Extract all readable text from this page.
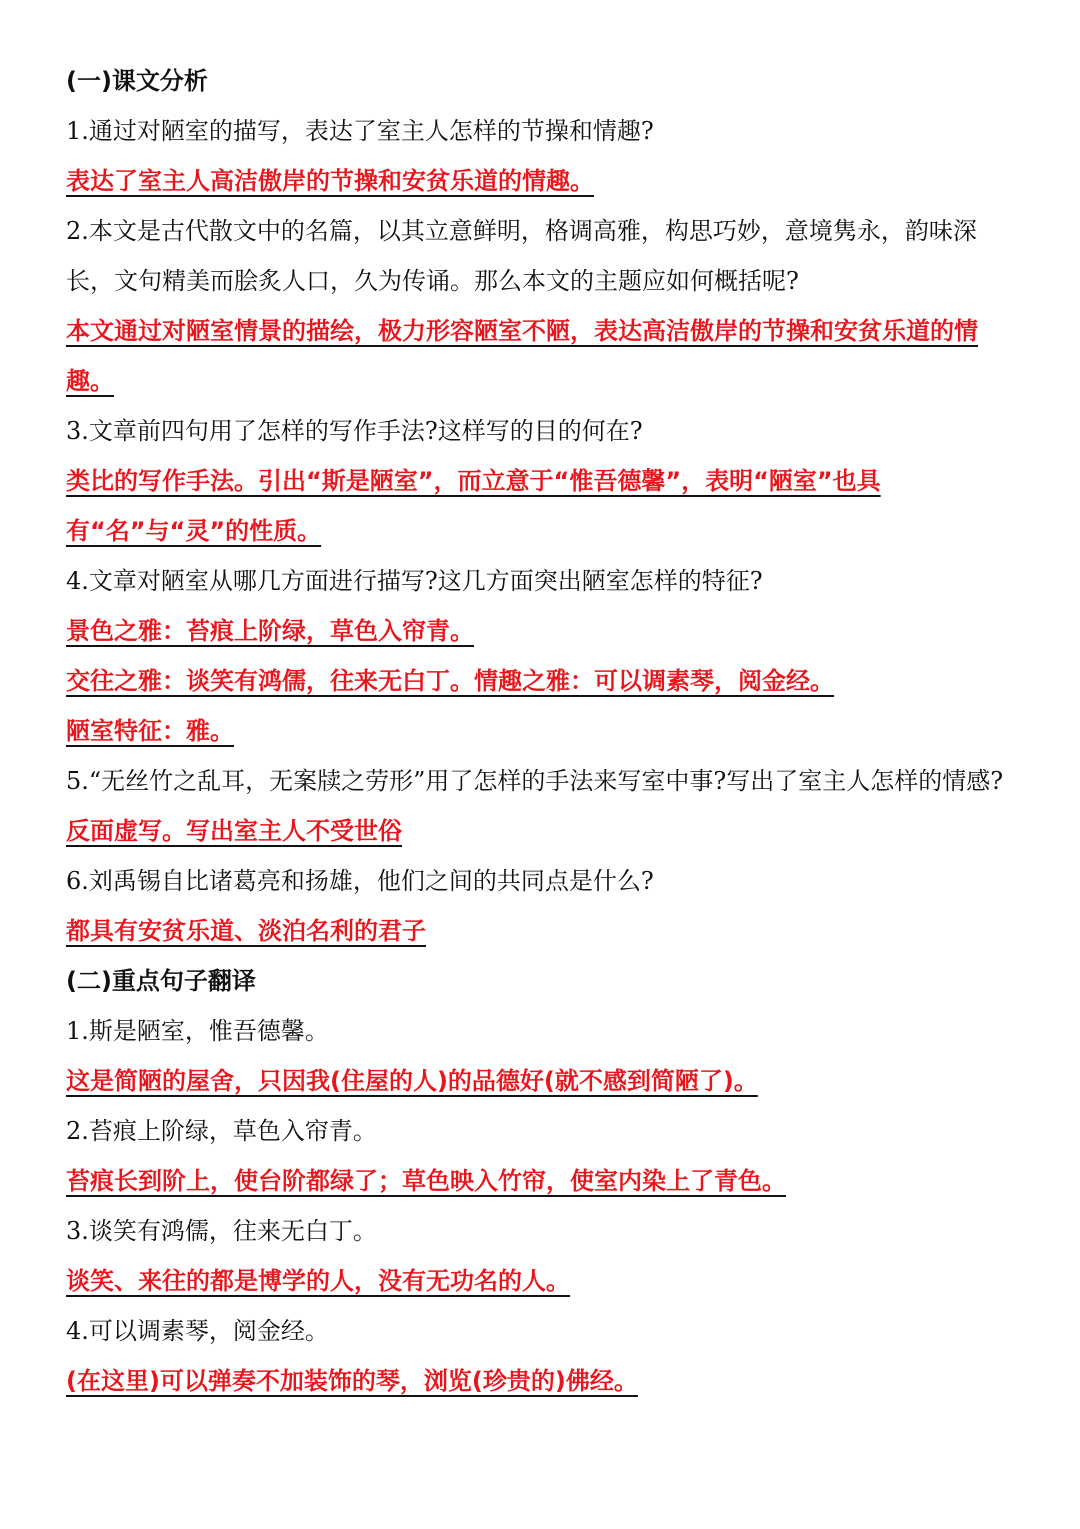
(一)课文分析

1.通过对陋室的描写，表达了室主人怎样的节操和情趣?

表达了室主人高洁傲岸的节操和安贫乐道的情趣。

2.本文是古代散文中的名篇，以其立意鲜明，格调高雅，构思巧妙，意境隽永，韵味深长，文句精美而脍炙人口，久为传诵。那么本文的主题应如何概括呢?

本文通过对陋室情景的描绘，极力形容陋室不陋，表达高洁傲岸的节操和安贫乐道的情趣。

3.文章前四句用了怎样的写作手法?这样写的目的何在?

类比的写作手法。引出“斯是陋室”，而立意于“惟吾德馨”，表明“陋室”也具有“名”与“灵”的性质。

4.文章对陋室从哪几方面进行描写?这几方面突出陋室怎样的特征?

景色之雅：苔痕上阶绿，草色入帘青。

交往之雅：谈笑有鸿儒，往来无白丁。情趣之雅：可以调素琴，阅金经。

陋室特征：雅。

5.“无丝竹之乱耳，无案牍之劳形”用了怎样的手法来写室中事?写出了室主人怎样的情感?

反面虚写。写出室主人不受世俗

6.刘禹锡自比诸葛亮和扬雄，他们之间的共同点是什么?

都具有安贫乐道、淡泊名利的君子

(二)重点句子翻译

1.斯是陋室，惟吾德馨。

这是简陋的屋舍，只因我(住屋的人)的品德好(就不感到简陋了)。

2.苔痕上阶绿，草色入帘青。

苔痕长到阶上，使台阶都绿了；草色映入竹帘，使室内染上了青色。

3.谈笑有鸿儒，往来无白丁。

谈笑、来往的都是博学的人，没有无功名的人。

4.可以调素琴，阅金经。

(在这里)可以弹奏不加装饰的琴，浏览(珍贵的)佛经。
